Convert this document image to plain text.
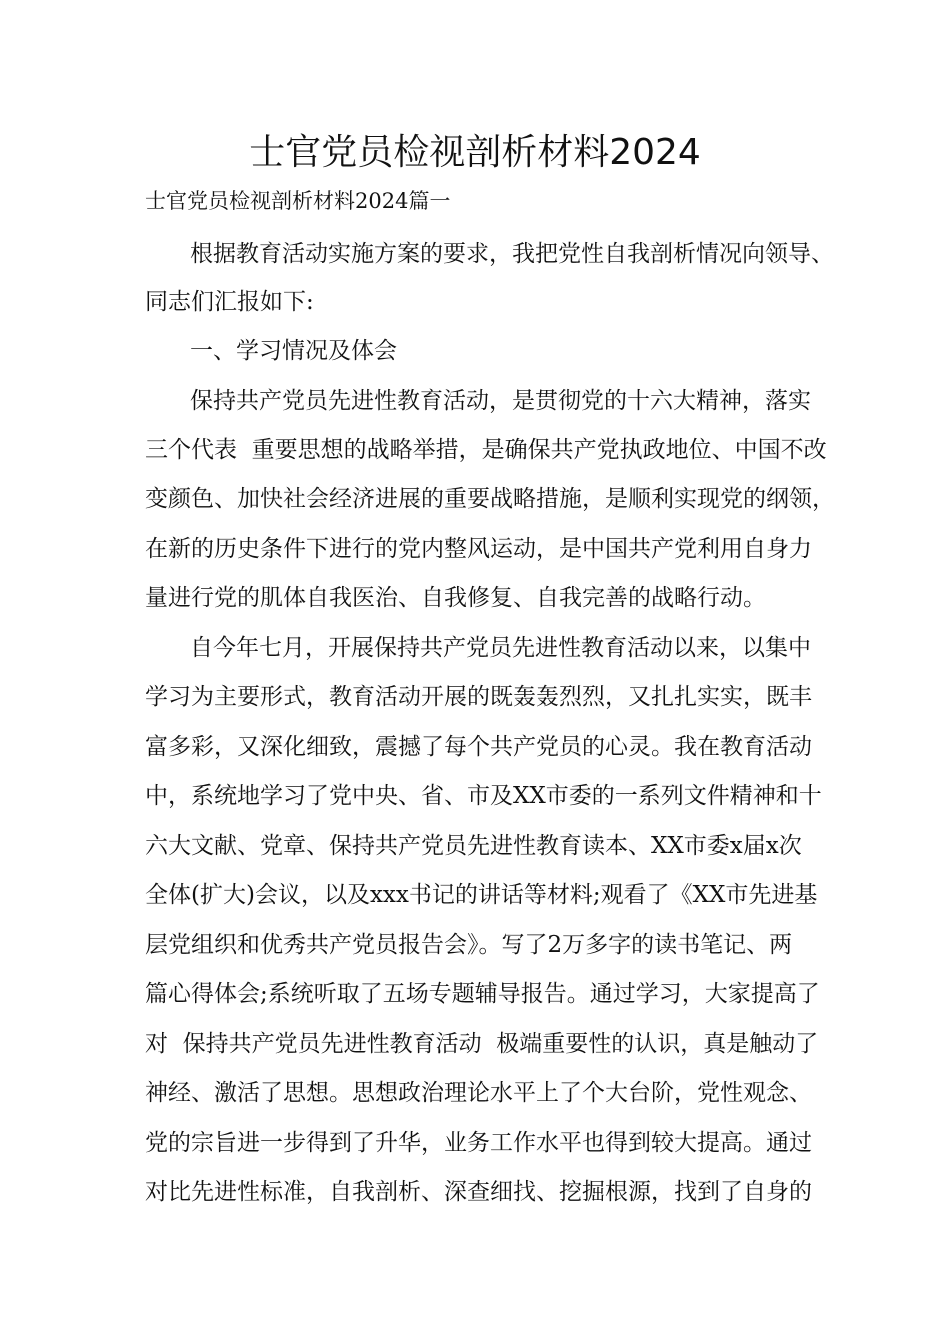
士官党员检视剖析材料2024
士官党员检视剖析材料2024篇一
根据教育活动实施方案的要求，我把党性自我剖析情况向领导、
同志们汇报如下:
一、学习情况及体会
保持共产党员先进性教育活动，是贯彻党的十六大精神，落实
三个代表  重要思想的战略举措，是确保共产党执政地位、中国不改
变颜色、加快社会经济进展的重要战略措施，是顺利实现党的纲领，
在新的历史条件下进行的党内整风运动，是中国共产党利用自身力
量进行党的肌体自我医治、自我修复、自我完善的战略行动。
自今年七月，开展保持共产党员先进性教育活动以来，以集中
学习为主要形式，教育活动开展的既轰轰烈烈，又扎扎实实，既丰
富多彩，又深化细致，震撼了每个共产党员的心灵。我在教育活动
中，系统地学习了党中央、省、市及XX市委的一系列文件精神和十
六大文献、党章、保持共产党员先进性教育读本、XX市委x届x次
全体(扩大)会议，以及xxx书记的讲话等材料;观看了《XX市先进基
层党组织和优秀共产党员报告会》。写了2万多字的读书笔记、两
篇心得体会;系统听取了五场专题辅导报告。通过学习，大家提高了
对  保持共产党员先进性教育活动  极端重要性的认识，真是触动了
神经、激活了思想。思想政治理论水平上了个大台阶，党性观念、
党的宗旨进一步得到了升华，业务工作水平也得到较大提高。通过
对比先进性标准，自我剖析、深查细找、挖掘根源，找到了自身的
